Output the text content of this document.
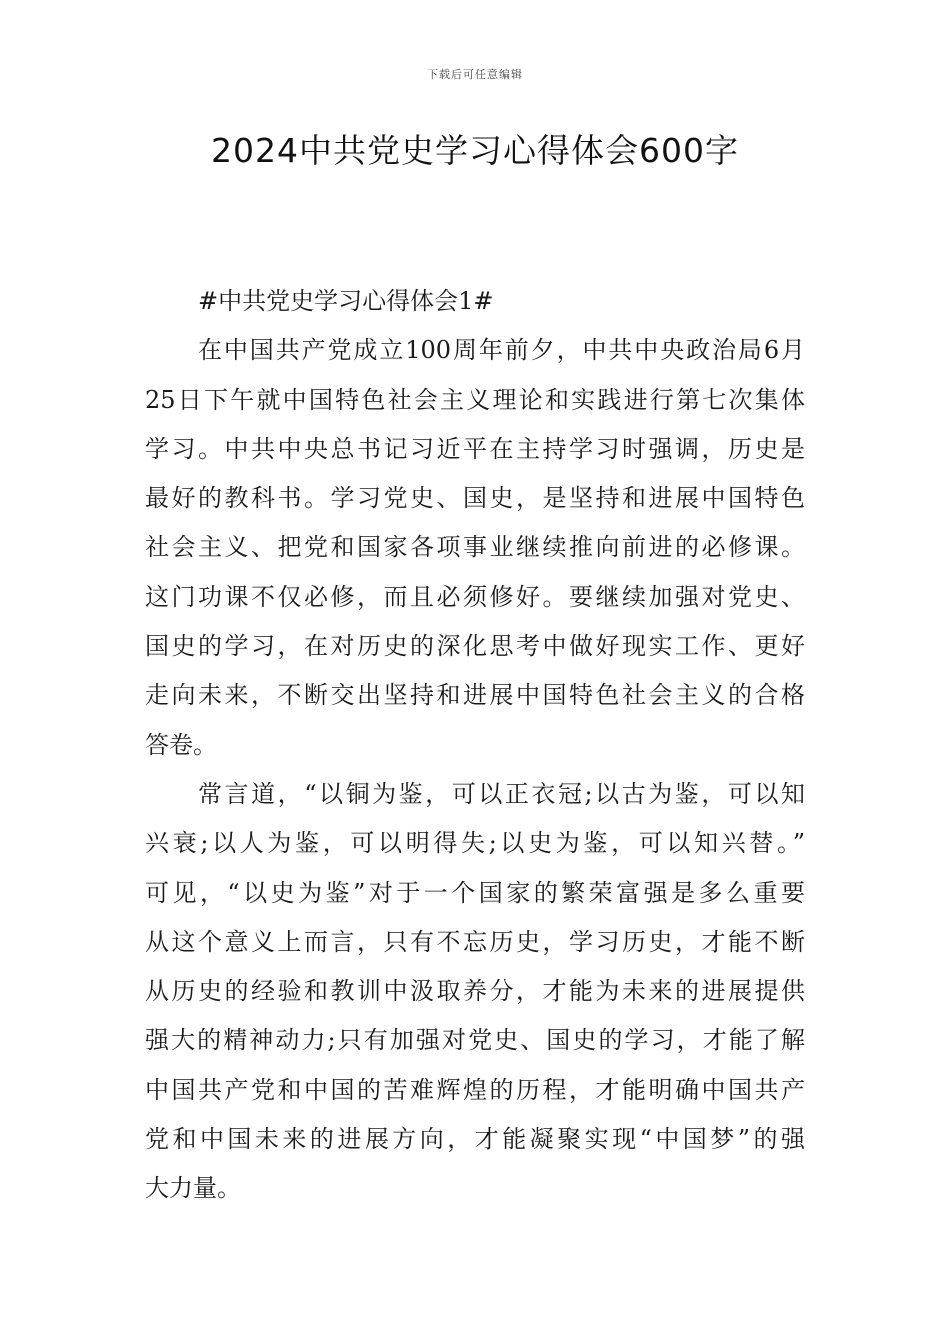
下载后可任意编辑
2024中共党史学习心得体会600字
#中共党史学习心得体会1#
在中国共产党成立100周年前夕，中共中央政治局6月
25日下午就中国特色社会主义理论和实践进行第七次集体
学习。中共中央总书记习近平在主持学习时强调，历史是
最好的教科书。学习党史、国史，是坚持和进展中国特色
社会主义、把党和国家各项事业继续推向前进的必修课。
这门功课不仅必修，而且必须修好。要继续加强对党史、
国史的学习，在对历史的深化思考中做好现实工作、更好
走向未来，不断交出坚持和进展中国特色社会主义的合格
答卷。
常言道，“以铜为鉴，可以正衣冠;以古为鉴，可以知
兴衰;以人为鉴，可以明得失;以史为鉴，可以知兴替。”
可见，“以史为鉴”对于一个国家的繁荣富强是多么重要
从这个意义上而言，只有不忘历史，学习历史，才能不断
从历史的经验和教训中汲取养分，才能为未来的进展提供
强大的精神动力;只有加强对党史、国史的学习，才能了解
中国共产党和中国的苦难辉煌的历程，才能明确中国共产
党和中国未来的进展方向，才能凝聚实现“中国梦”的强
大力量。
